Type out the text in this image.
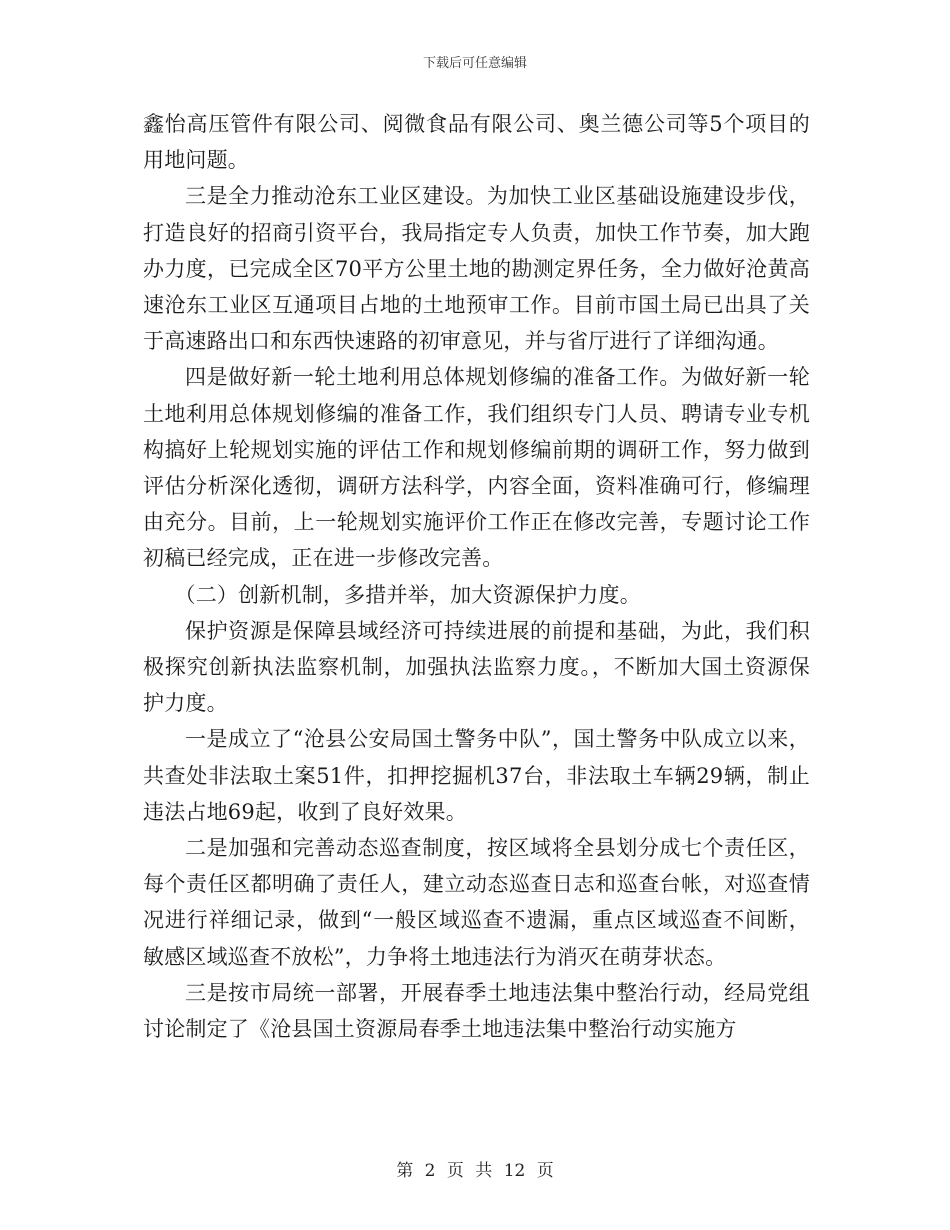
下载后可任意编辑

鑫怡高压管件有限公司、阅微食品有限公司、奥兰德公司等5个项目的用地问题。

三是全力推动沧东工业区建设。为加快工业区基础设施建设步伐，打造良好的招商引资平台，我局指定专人负责，加快工作节奏，加大跑办力度，已完成全区70平方公里土地的勘测定界任务，全力做好沧黄高速沧东工业区互通项目占地的土地预审工作。目前市国土局已出具了关于高速路出口和东西快速路的初审意见，并与省厅进行了详细沟通。

四是做好新一轮土地利用总体规划修编的准备工作。为做好新一轮土地利用总体规划修编的准备工作，我们组织专门人员、聘请专业专机构搞好上轮规划实施的评估工作和规划修编前期的调研工作，努力做到评估分析深化透彻，调研方法科学，内容全面，资料准确可行，修编理由充分。目前，上一轮规划实施评价工作正在修改完善，专题讨论工作初稿已经完成，正在进一步修改完善。

（二）创新机制，多措并举，加大资源保护力度。

保护资源是保障县域经济可持续进展的前提和基础，为此，我们积极探究创新执法监察机制，加强执法监察力度。，不断加大国土资源保护力度。

一是成立了“沧县公安局国土警务中队”，国土警务中队成立以来，共查处非法取土案51件，扣押挖掘机37台，非法取土车辆29辆，制止违法占地69起，收到了良好效果。

二是加强和完善动态巡查制度，按区域将全县划分成七个责任区，每个责任区都明确了责任人，建立动态巡查日志和巡查台帐，对巡查情况进行祥细记录，做到“一般区域巡查不遗漏，重点区域巡查不间断，敏感区域巡查不放松”，力争将土地违法行为消灭在萌芽状态。

三是按市局统一部署，开展春季土地违法集中整治行动，经局党组讨论制定了《沧县国土资源局春季土地违法集中整治行动实施方

第 2 页 共 12 页
